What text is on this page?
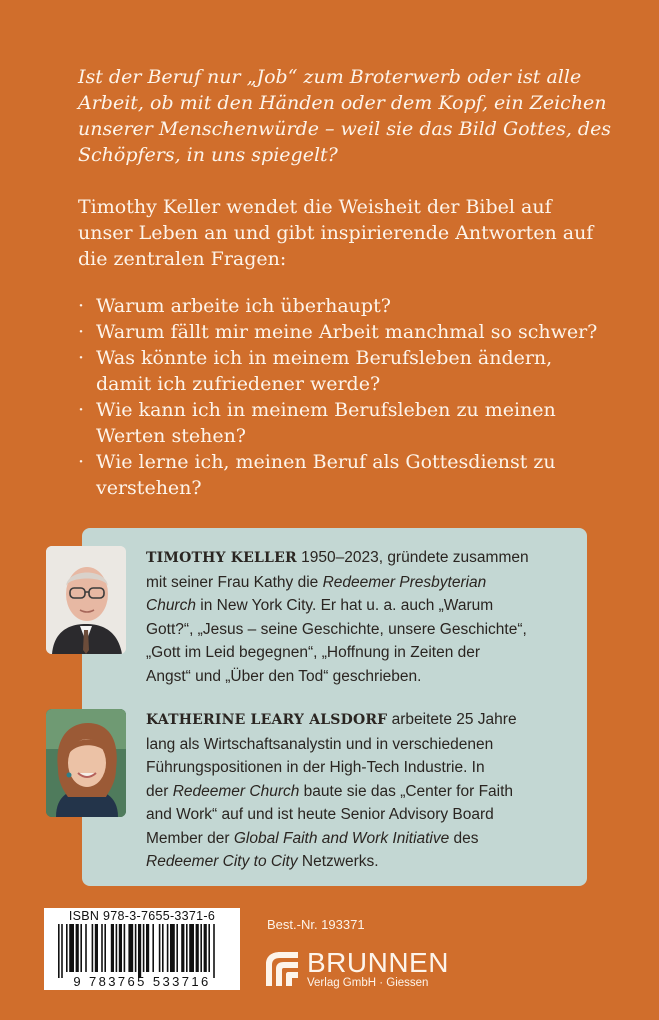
Ist der Beruf nur „Job“ zum Broterwerb oder ist alle
Arbeit, ob mit den Händen oder dem Kopf, ein Zeichen
unserer Menschenwürde – weil sie das Bild Gottes, des
Schöpfers, in uns spiegelt?
Timothy Keller wendet die Weisheit der Bibel auf
unser Leben an und gibt inspirierende Antworten auf
die zentralen Fragen:
· Warum arbeite ich überhaupt?
· Warum fällt mir meine Arbeit manchmal so schwer?
· Was könnte ich in meinem Berufsleben ändern,
damit ich zufriedener werde?
· Wie kann ich in meinem Berufsleben zu meinen
Werten stehen?
· Wie lerne ich, meinen Beruf als Gottesdienst zu
verstehen?
TIMOTHY KELLER 1950–2023, gründete zusammen
mit seiner Frau Kathy die Redeemer Presbyterian
Church in New York City. Er hat u. a. auch „Warum
Gott?“, „Jesus – seine Geschichte, unsere Geschichte“,
„Gott im Leid begegnen“, „Hoffnung in Zeiten der
Angst“ und „Über den Tod“ geschrieben.
KATHERINE LEARY ALSDORF arbeitete 25 Jahre
lang als Wirtschaftsanalystin und in verschiedenen
Führungspositionen in der High-Tech Industrie. In
der Redeemer Church baute sie das „Center for Faith
and Work“ auf und ist heute Senior Advisory Board
Member der Global Faith and Work Initiative des
Redeemer City to City Netzwerks.
ISBN 978-3-7655-3371-6
9 783765 533716
Best.-Nr. 193371
BRUNNEN
Verlag GmbH · Giessen
